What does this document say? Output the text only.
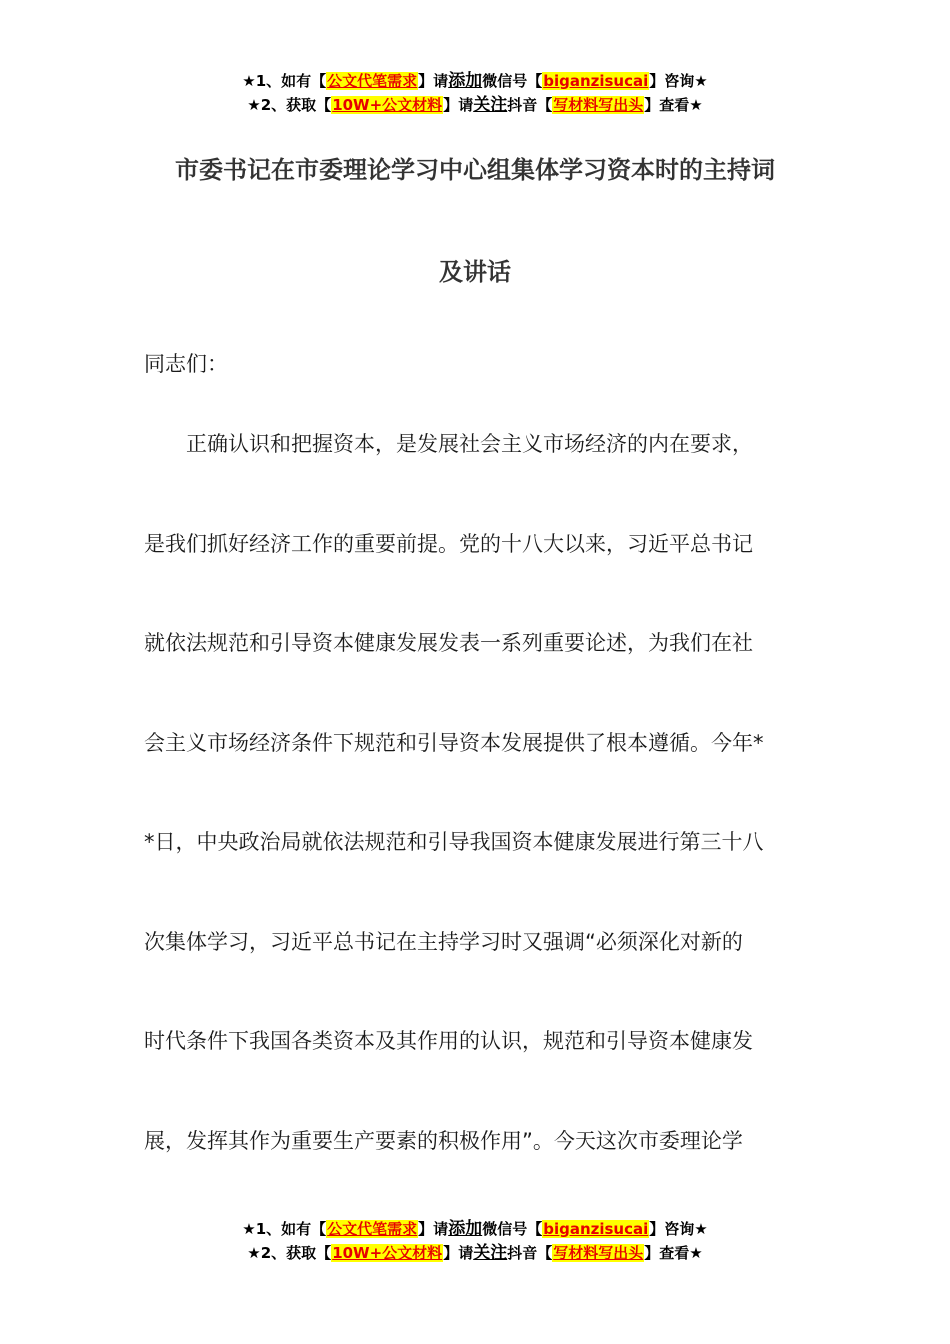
★1、如有【公文代笔需求】请添加微信号【biganzisucai】咨询★
★2、获取【10W+公文材料】请关注抖音【写材料写出头】查看★
市委书记在市委理论学习中心组集体学习资本时的主持词
及讲话
同志们：
　　正确认识和把握资本，是发展社会主义市场经济的内在要求，
是我们抓好经济工作的重要前提。党的十八大以来，习近平总书记
就依法规范和引导资本健康发展发表一系列重要论述，为我们在社
会主义市场经济条件下规范和引导资本发展提供了根本遵循。今年*
*日，中央政治局就依法规范和引导我国资本健康发展进行第三十八
次集体学习，习近平总书记在主持学习时又强调“必须深化对新的
时代条件下我国各类资本及其作用的认识，规范和引导资本健康发
展，发挥其作为重要生产要素的积极作用”。今天这次市委理论学
★1、如有【公文代笔需求】请添加微信号【biganzisucai】咨询★
★2、获取【10W+公文材料】请关注抖音【写材料写出头】查看★
